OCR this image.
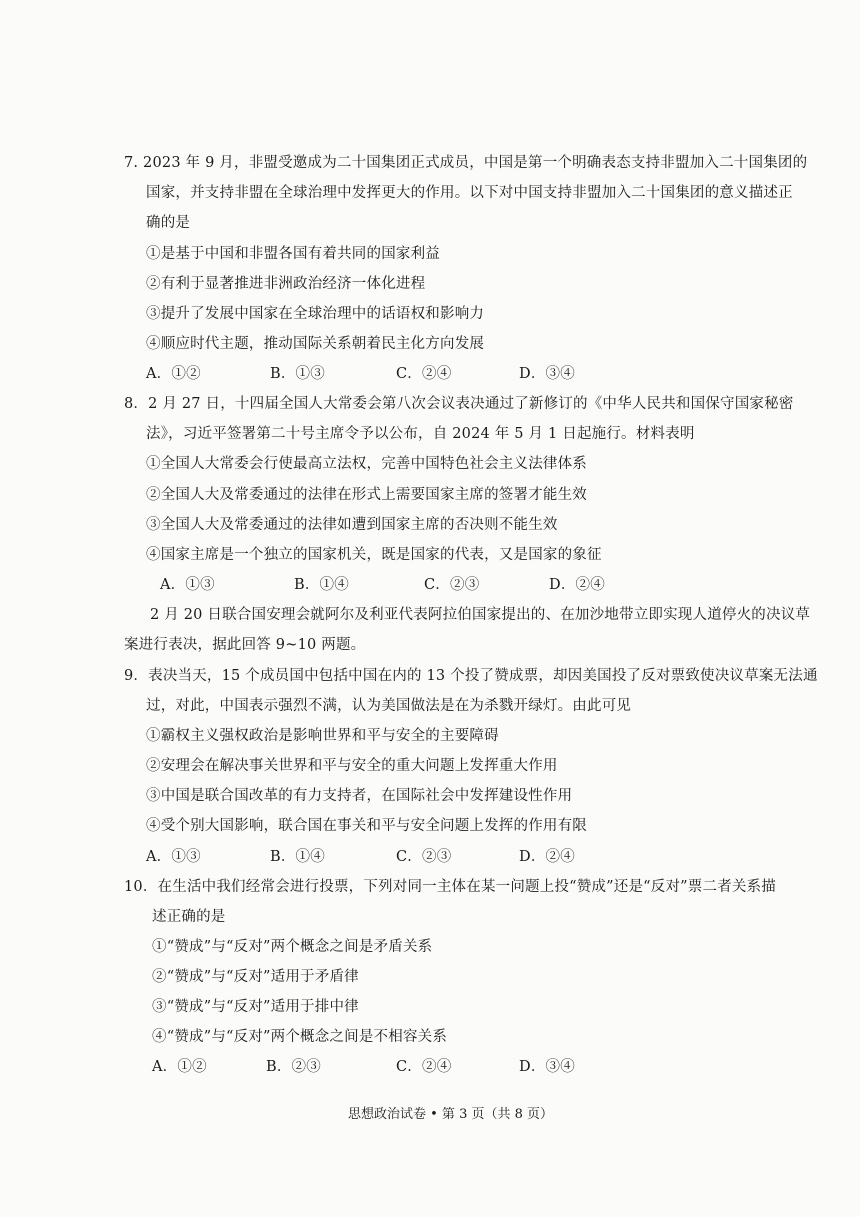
7. 2023 年 9 月，非盟受邀成为二十国集团正式成员，中国是第一个明确表态支持非盟加入二十国集团的
国家，并支持非盟在全球治理中发挥更大的作用。以下对中国支持非盟加入二十国集团的意义描述正
确的是
①是基于中国和非盟各国有着共同的国家利益
②有利于显著推进非洲政治经济一体化进程
③提升了发展中国家在全球治理中的话语权和影响力
④顺应时代主题，推动国际关系朝着民主化方向发展
A．①②	B．①③	C．②④	D．③④
8．2 月 27 日，十四届全国人大常委会第八次会议表决通过了新修订的《中华人民共和国保守国家秘密
法》，习近平签署第二十号主席令予以公布，自 2024 年 5 月 1 日起施行。材料表明
①全国人大常委会行使最高立法权，完善中国特色社会主义法律体系
②全国人大及常委通过的法律在形式上需要国家主席的签署才能生效
③全国人大及常委通过的法律如遭到国家主席的否决则不能生效
④国家主席是一个独立的国家机关，既是国家的代表，又是国家的象征
A．①③	B．①④	C．②③	D．②④
2 月 20 日联合国安理会就阿尔及利亚代表阿拉伯国家提出的、在加沙地带立即实现人道停火的决议草
案进行表决，据此回答 9~10 两题。
9．表决当天，15 个成员国中包括中国在内的 13 个投了赞成票，却因美国投了反对票致使决议草案无法通
过，对此，中国表示强烈不满，认为美国做法是在为杀戮开绿灯。由此可见
①霸权主义强权政治是影响世界和平与安全的主要障碍
②安理会在解决事关世界和平与安全的重大问题上发挥重大作用
③中国是联合国改革的有力支持者，在国际社会中发挥建设性作用
④受个别大国影响，联合国在事关和平与安全问题上发挥的作用有限
A．①③	B．①④	C．②③	D．②④
10．在生活中我们经常会进行投票，下列对同一主体在某一问题上投“赞成”还是“反对”票二者关系描
述正确的是
①“赞成”与“反对”两个概念之间是矛盾关系
②“赞成”与“反对”适用于矛盾律
③“赞成”与“反对”适用于排中律
④“赞成”与“反对”两个概念之间是不相容关系
A．①②	B．②③	C．②④	D．③④
思想政治试卷 • 第 3 页（共 8 页）
